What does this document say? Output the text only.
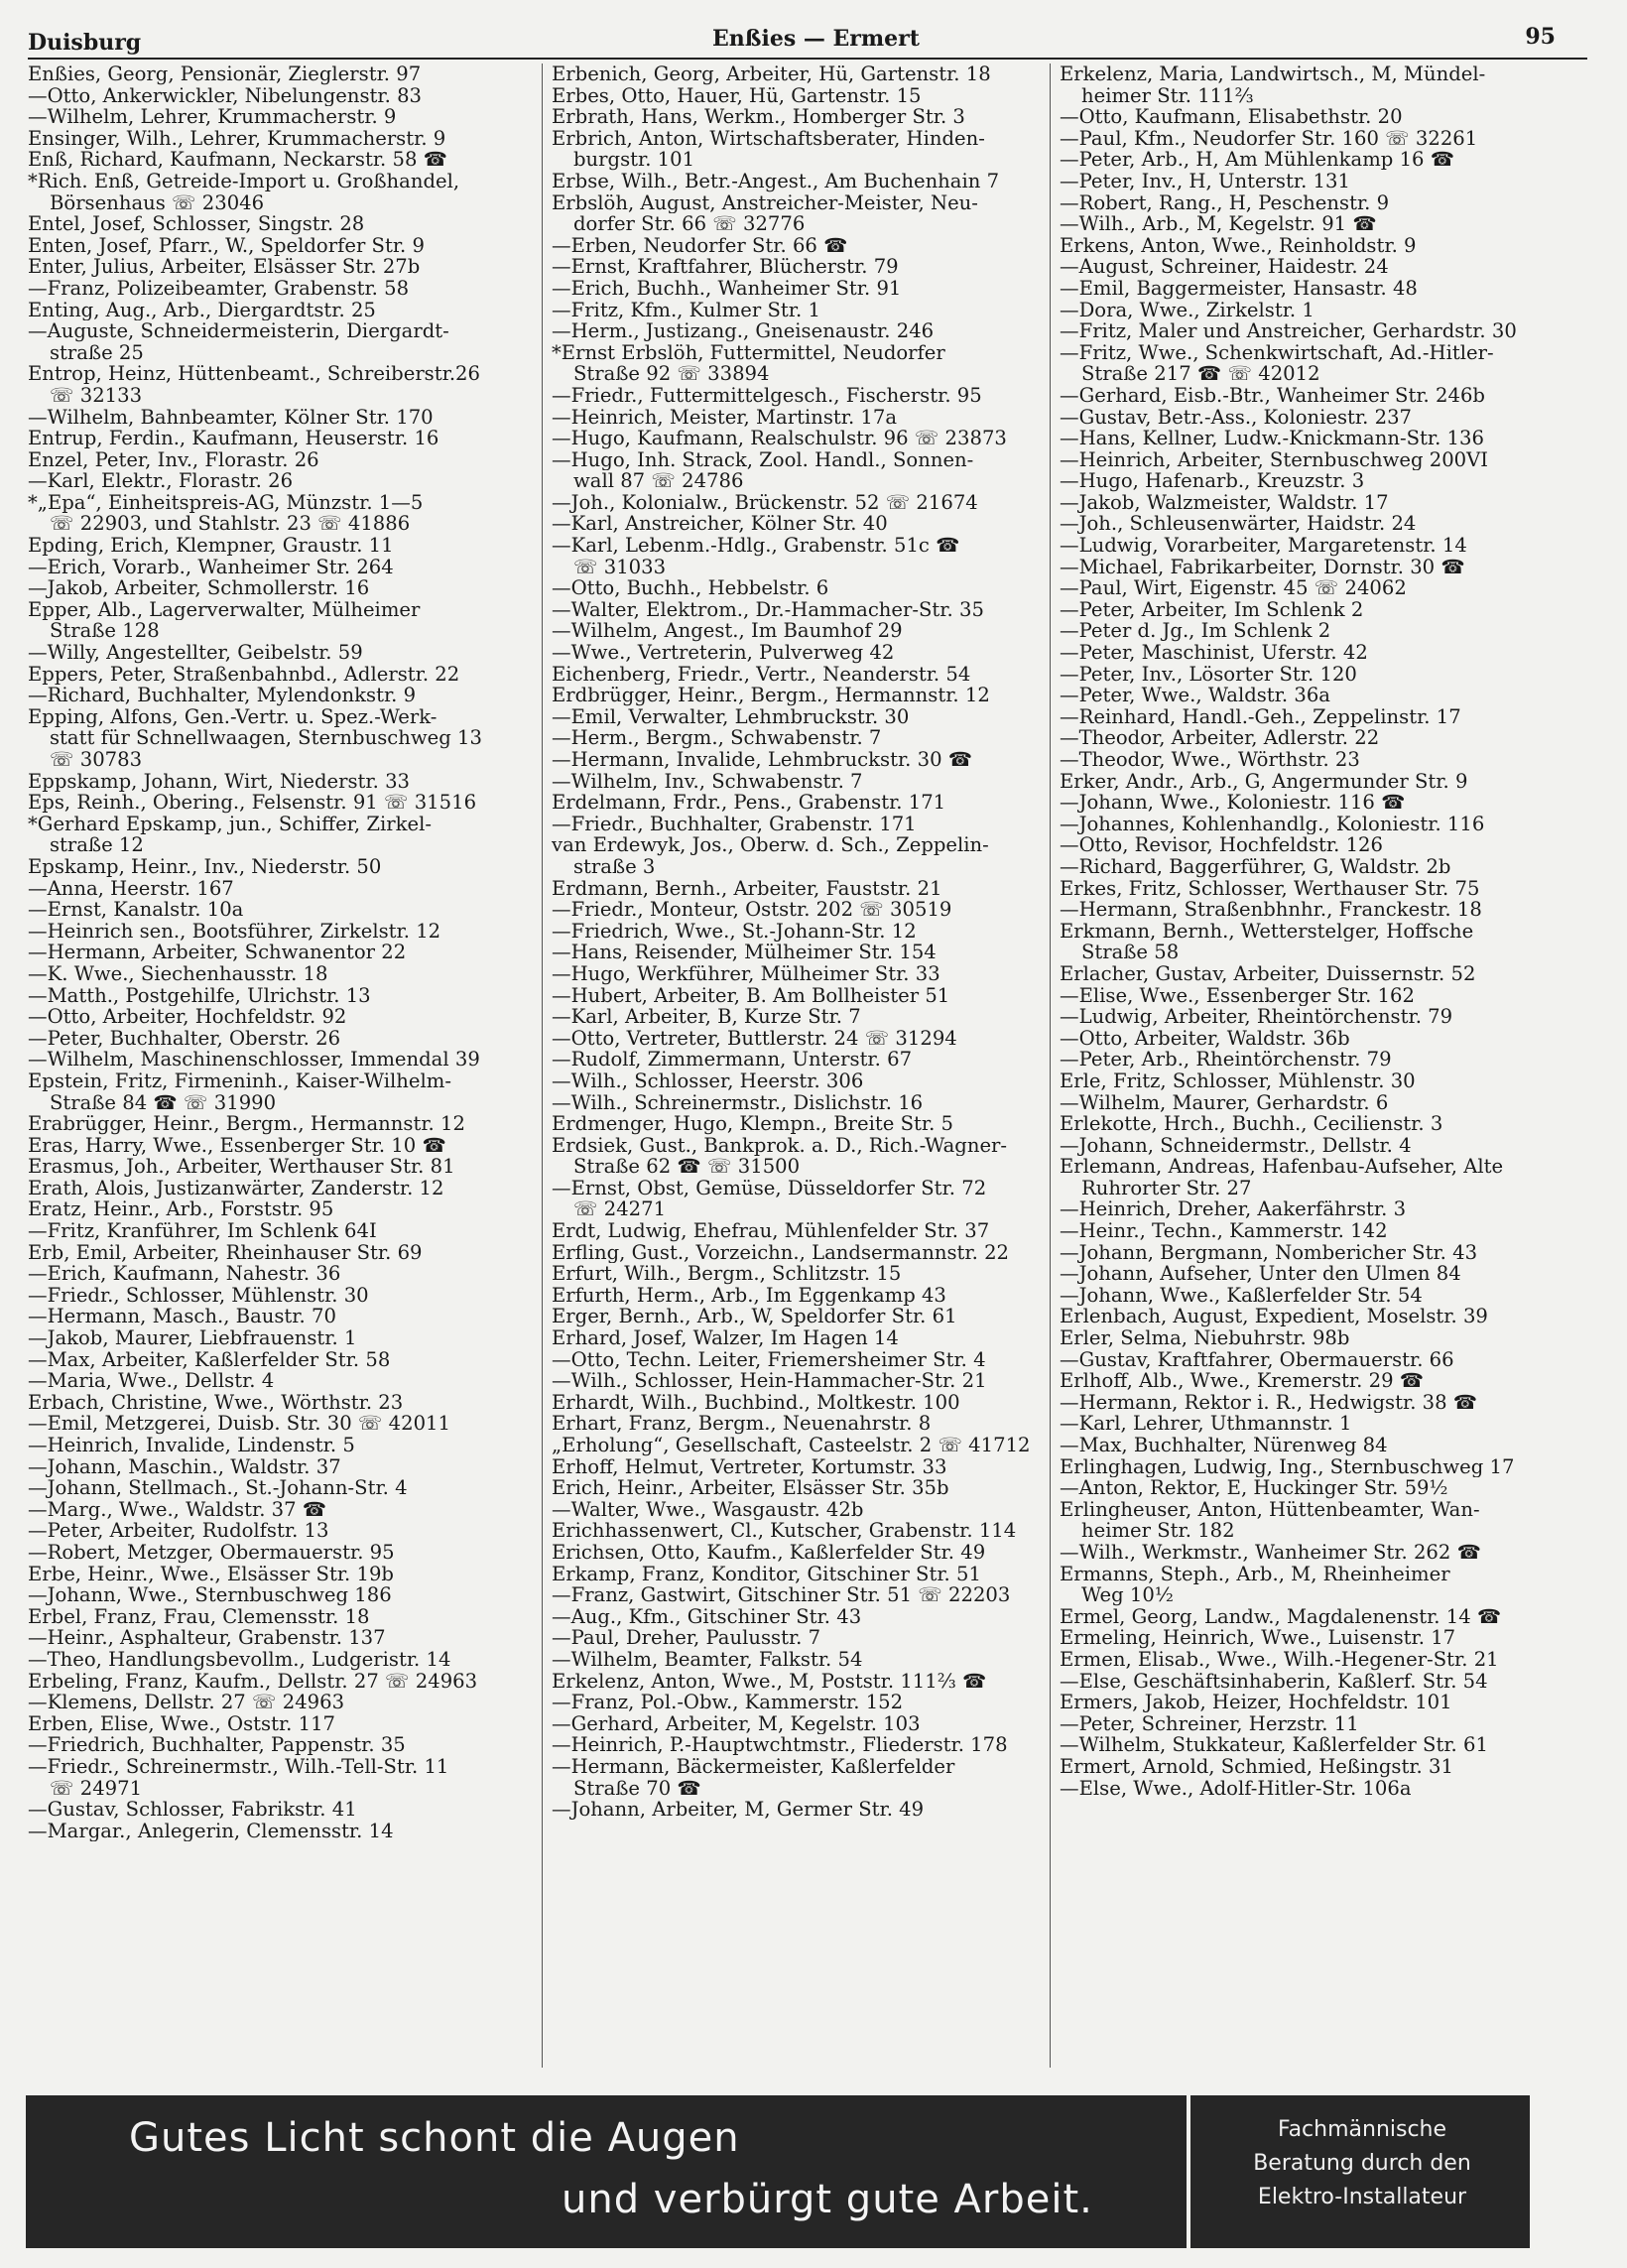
Duisburg	Enßies — Ermert	95
Enßies, Georg, Pensionär, Zieglerstr. 97
—Otto, Ankerwickler, Nibelungenstr. 83
—Wilhelm, Lehrer, Krummacherstr. 9
Ensinger, Wilh., Lehrer, Krummacherstr. 9
Enß, Richard, Kaufmann, Neckarstr. 58 ☎
*Rich. Enß, Getreide-Import u. Großhandel,
Börsenhaus ☏ 23046
Entel, Josef, Schlosser, Singstr. 28
Enten, Josef, Pfarr., W., Speldorfer Str. 9
Enter, Julius, Arbeiter, Elsässer Str. 27b
—Franz, Polizeibeamter, Grabenstr. 58
Enting, Aug., Arb., Diergardtstr. 25
—Auguste, Schneidermeisterin, Diergardt-
straße 25
Entrop, Heinz, Hüttenbeamt., Schreiberstr.26
☏ 32133
—Wilhelm, Bahnbeamter, Kölner Str. 170
Entrup, Ferdin., Kaufmann, Heuserstr. 16
Enzel, Peter, Inv., Florastr. 26
—Karl, Elektr., Florastr. 26
*„Epa“, Einheitspreis-AG, Münzstr. 1—5
☏ 22903, und Stahlstr. 23 ☏ 41886
Epding, Erich, Klempner, Graustr. 11
—Erich, Vorarb., Wanheimer Str. 264
—Jakob, Arbeiter, Schmollerstr. 16
Epper, Alb., Lagerverwalter, Mülheimer
Straße 128
—Willy, Angestellter, Geibelstr. 59
Eppers, Peter, Straßenbahnbd., Adlerstr. 22
—Richard, Buchhalter, Mylendonkstr. 9
Epping, Alfons, Gen.-Vertr. u. Spez.-Werk-
statt für Schnellwaagen, Sternbuschweg 13
☏ 30783
Eppskamp, Johann, Wirt, Niederstr. 33
Eps, Reinh., Obering., Felsenstr. 91 ☏ 31516
*Gerhard Epskamp, jun., Schiffer, Zirkel-
straße 12
Epskamp, Heinr., Inv., Niederstr. 50
—Anna, Heerstr. 167
—Ernst, Kanalstr. 10a
—Heinrich sen., Bootsführer, Zirkelstr. 12
—Hermann, Arbeiter, Schwanentor 22
—K. Wwe., Siechenhausstr. 18
—Matth., Postgehilfe, Ulrichstr. 13
—Otto, Arbeiter, Hochfeldstr. 92
—Peter, Buchhalter, Oberstr. 26
—Wilhelm, Maschinenschlosser, Immendal 39
Epstein, Fritz, Firmeninh., Kaiser-Wilhelm-
Straße 84 ☎ ☏ 31990
Erabrügger, Heinr., Bergm., Hermannstr. 12
Eras, Harry, Wwe., Essenberger Str. 10 ☎
Erasmus, Joh., Arbeiter, Werthauser Str. 81
Erath, Alois, Justizanwärter, Zanderstr. 12
Eratz, Heinr., Arb., Forststr. 95
—Fritz, Kranführer, Im Schlenk 64I
Erb, Emil, Arbeiter, Rheinhauser Str. 69
—Erich, Kaufmann, Nahestr. 36
—Friedr., Schlosser, Mühlenstr. 30
—Hermann, Masch., Baustr. 70
—Jakob, Maurer, Liebfrauenstr. 1
—Max, Arbeiter, Kaßlerfelder Str. 58
—Maria, Wwe., Dellstr. 4
Erbach, Christine, Wwe., Wörthstr. 23
—Emil, Metzgerei, Duisb. Str. 30 ☏ 42011
—Heinrich, Invalide, Lindenstr. 5
—Johann, Maschin., Waldstr. 37
—Johann, Stellmach., St.-Johann-Str. 4
—Marg., Wwe., Waldstr. 37 ☎
—Peter, Arbeiter, Rudolfstr. 13
—Robert, Metzger, Obermauerstr. 95
Erbe, Heinr., Wwe., Elsässer Str. 19b
—Johann, Wwe., Sternbuschweg 186
Erbel, Franz, Frau, Clemensstr. 18
—Heinr., Asphalteur, Grabenstr. 137
—Theo, Handlungsbevollm., Ludgeristr. 14
Erbeling, Franz, Kaufm., Dellstr. 27 ☏ 24963
—Klemens, Dellstr. 27 ☏ 24963
Erben, Elise, Wwe., Oststr. 117
—Friedrich, Buchhalter, Pappenstr. 35
—Friedr., Schreinermstr., Wilh.-Tell-Str. 11
☏ 24971
—Gustav, Schlosser, Fabrikstr. 41
—Margar., Anlegerin, Clemensstr. 14
Erbenich, Georg, Arbeiter, Hü, Gartenstr. 18
Erbes, Otto, Hauer, Hü, Gartenstr. 15
Erbrath, Hans, Werkm., Homberger Str. 3
Erbrich, Anton, Wirtschaftsberater, Hinden-
burgstr. 101
Erbse, Wilh., Betr.-Angest., Am Buchenhain 7
Erbslöh, August, Anstreicher-Meister, Neu-
dorfer Str. 66 ☏ 32776
—Erben, Neudorfer Str. 66 ☎
—Ernst, Kraftfahrer, Blücherstr. 79
—Erich, Buchh., Wanheimer Str. 91
—Fritz, Kfm., Kulmer Str. 1
—Herm., Justizang., Gneisenaustr. 246
*Ernst Erbslöh, Futtermittel, Neudorfer
Straße 92 ☏ 33894
—Friedr., Futtermittelgesch., Fischerstr. 95
—Heinrich, Meister, Martinstr. 17a
—Hugo, Kaufmann, Realschulstr. 96 ☏ 23873
—Hugo, Inh. Strack, Zool. Handl., Sonnen-
wall 87 ☏ 24786
—Joh., Kolonialw., Brückenstr. 52 ☏ 21674
—Karl, Anstreicher, Kölner Str. 40
—Karl, Lebenm.-Hdlg., Grabenstr. 51c ☎
☏ 31033
—Otto, Buchh., Hebbelstr. 6
—Walter, Elektrom., Dr.-Hammacher-Str. 35
—Wilhelm, Angest., Im Baumhof 29
—Wwe., Vertreterin, Pulverweg 42
Eichenberg, Friedr., Vertr., Neanderstr. 54
Erdbrügger, Heinr., Bergm., Hermannstr. 12
—Emil, Verwalter, Lehmbruckstr. 30
—Herm., Bergm., Schwabenstr. 7
—Hermann, Invalide, Lehmbruckstr. 30 ☎
—Wilhelm, Inv., Schwabenstr. 7
Erdelmann, Frdr., Pens., Grabenstr. 171
—Friedr., Buchhalter, Grabenstr. 171
van Erdewyk, Jos., Oberw. d. Sch., Zeppelin-
straße 3
Erdmann, Bernh., Arbeiter, Fauststr. 21
—Friedr., Monteur, Oststr. 202 ☏ 30519
—Friedrich, Wwe., St.-Johann-Str. 12
—Hans, Reisender, Mülheimer Str. 154
—Hugo, Werkführer, Mülheimer Str. 33
—Hubert, Arbeiter, B. Am Bollheister 51
—Karl, Arbeiter, B, Kurze Str. 7
—Otto, Vertreter, Buttlerstr. 24 ☏ 31294
—Rudolf, Zimmermann, Unterstr. 67
—Wilh., Schlosser, Heerstr. 306
—Wilh., Schreinermstr., Dislichstr. 16
Erdmenger, Hugo, Klempn., Breite Str. 5
Erdsiek, Gust., Bankprok. a. D., Rich.-Wagner-
Straße 62 ☎ ☏ 31500
—Ernst, Obst, Gemüse, Düsseldorfer Str. 72
☏ 24271
Erdt, Ludwig, Ehefrau, Mühlenfelder Str. 37
Erfling, Gust., Vorzeichn., Landsermannstr. 22
Erfurt, Wilh., Bergm., Schlitzstr. 15
Erfurth, Herm., Arb., Im Eggenkamp 43
Erger, Bernh., Arb., W, Speldorfer Str. 61
Erhard, Josef, Walzer, Im Hagen 14
—Otto, Techn. Leiter, Friemersheimer Str. 4
—Wilh., Schlosser, Hein-Hammacher-Str. 21
Erhardt, Wilh., Buchbind., Moltkestr. 100
Erhart, Franz, Bergm., Neuenahrstr. 8
„Erholung“, Gesellschaft, Casteelstr. 2 ☏ 41712
Erhoff, Helmut, Vertreter, Kortumstr. 33
Erich, Heinr., Arbeiter, Elsässer Str. 35b
—Walter, Wwe., Wasgaustr. 42b
Erichhassenwert, Cl., Kutscher, Grabenstr. 114
Erichsen, Otto, Kaufm., Kaßlerfelder Str. 49
Erkamp, Franz, Konditor, Gitschiner Str. 51
—Franz, Gastwirt, Gitschiner Str. 51 ☏ 22203
—Aug., Kfm., Gitschiner Str. 43
—Paul, Dreher, Paulusstr. 7
—Wilhelm, Beamter, Falkstr. 54
Erkelenz, Anton, Wwe., M, Poststr. 111⅔ ☎
—Franz, Pol.-Obw., Kammerstr. 152
—Gerhard, Arbeiter, M, Kegelstr. 103
—Heinrich, P.-Hauptwchtmstr., Fliederstr. 178
—Hermann, Bäckermeister, Kaßlerfelder
Straße 70 ☎
—Johann, Arbeiter, M, Germer Str. 49
Erkelenz, Maria, Landwirtsch., M, Mündel-
heimer Str. 111⅔
—Otto, Kaufmann, Elisabethstr. 20
—Paul, Kfm., Neudorfer Str. 160 ☏ 32261
—Peter, Arb., H, Am Mühlenkamp 16 ☎
—Peter, Inv., H, Unterstr. 131
—Robert, Rang., H, Peschenstr. 9
—Wilh., Arb., M, Kegelstr. 91 ☎
Erkens, Anton, Wwe., Reinholdstr. 9
—August, Schreiner, Haidestr. 24
—Emil, Baggermeister, Hansastr. 48
—Dora, Wwe., Zirkelstr. 1
—Fritz, Maler und Anstreicher, Gerhardstr. 30
—Fritz, Wwe., Schenkwirtschaft, Ad.-Hitler-
Straße 217 ☎ ☏ 42012
—Gerhard, Eisb.-Btr., Wanheimer Str. 246b
—Gustav, Betr.-Ass., Koloniestr. 237
—Hans, Kellner, Ludw.-Knickmann-Str. 136
—Heinrich, Arbeiter, Sternbuschweg 200VI
—Hugo, Hafenarb., Kreuzstr. 3
—Jakob, Walzmeister, Waldstr. 17
—Joh., Schleusenwärter, Haidstr. 24
—Ludwig, Vorarbeiter, Margaretenstr. 14
—Michael, Fabrikarbeiter, Dornstr. 30 ☎
—Paul, Wirt, Eigenstr. 45 ☏ 24062
—Peter, Arbeiter, Im Schlenk 2
—Peter d. Jg., Im Schlenk 2
—Peter, Maschinist, Uferstr. 42
—Peter, Inv., Lösorter Str. 120
—Peter, Wwe., Waldstr. 36a
—Reinhard, Handl.-Geh., Zeppelinstr. 17
—Theodor, Arbeiter, Adlerstr. 22
—Theodor, Wwe., Wörthstr. 23
Erker, Andr., Arb., G, Angermunder Str. 9
—Johann, Wwe., Koloniestr. 116 ☎
—Johannes, Kohlenhandlg., Koloniestr. 116
—Otto, Revisor, Hochfeldstr. 126
—Richard, Baggerführer, G, Waldstr. 2b
Erkes, Fritz, Schlosser, Werthauser Str. 75
—Hermann, Straßenbhnhr., Franckestr. 18
Erkmann, Bernh., Wetterstelger, Hoffsche
Straße 58
Erlacher, Gustav, Arbeiter, Duissernstr. 52
—Elise, Wwe., Essenberger Str. 162
—Ludwig, Arbeiter, Rheintörchenstr. 79
—Otto, Arbeiter, Waldstr. 36b
—Peter, Arb., Rheintörchenstr. 79
Erle, Fritz, Schlosser, Mühlenstr. 30
—Wilhelm, Maurer, Gerhardstr. 6
Erlekotte, Hrch., Buchh., Cecilienstr. 3
—Johann, Schneidermstr., Dellstr. 4
Erlemann, Andreas, Hafenbau-Aufseher, Alte
Ruhrorter Str. 27
—Heinrich, Dreher, Aakerfährstr. 3
—Heinr., Techn., Kammerstr. 142
—Johann, Bergmann, Nombericher Str. 43
—Johann, Aufseher, Unter den Ulmen 84
—Johann, Wwe., Kaßlerfelder Str. 54
Erlenbach, August, Expedient, Moselstr. 39
Erler, Selma, Niebuhrstr. 98b
—Gustav, Kraftfahrer, Obermauerstr. 66
Erlhoff, Alb., Wwe., Kremerstr. 29 ☎
—Hermann, Rektor i. R., Hedwigstr. 38 ☎
—Karl, Lehrer, Uthmannstr. 1
—Max, Buchhalter, Nürenweg 84
Erlinghagen, Ludwig, Ing., Sternbuschweg 17
—Anton, Rektor, E, Huckinger Str. 59½
Erlingheuser, Anton, Hüttenbeamter, Wan-
heimer Str. 182
—Wilh., Werkmstr., Wanheimer Str. 262 ☎
Ermanns, Steph., Arb., M, Rheinheimer
Weg 10½
Ermel, Georg, Landw., Magdalenenstr. 14 ☎
Ermeling, Heinrich, Wwe., Luisenstr. 17
Ermen, Elisab., Wwe., Wilh.-Hegener-Str. 21
—Else, Geschäftsinhaberin, Kaßlerf. Str. 54
Ermers, Jakob, Heizer, Hochfeldstr. 101
—Peter, Schreiner, Herzstr. 11
—Wilhelm, Stukkateur, Kaßlerfelder Str. 61
Ermert, Arnold, Schmied, Heßingstr. 31
—Else, Wwe., Adolf-Hitler-Str. 106a
Gutes Licht schont die Augen
und verbürgt gute Arbeit.
Fachmännische
Beratung durch den
Elektro-Installateur
